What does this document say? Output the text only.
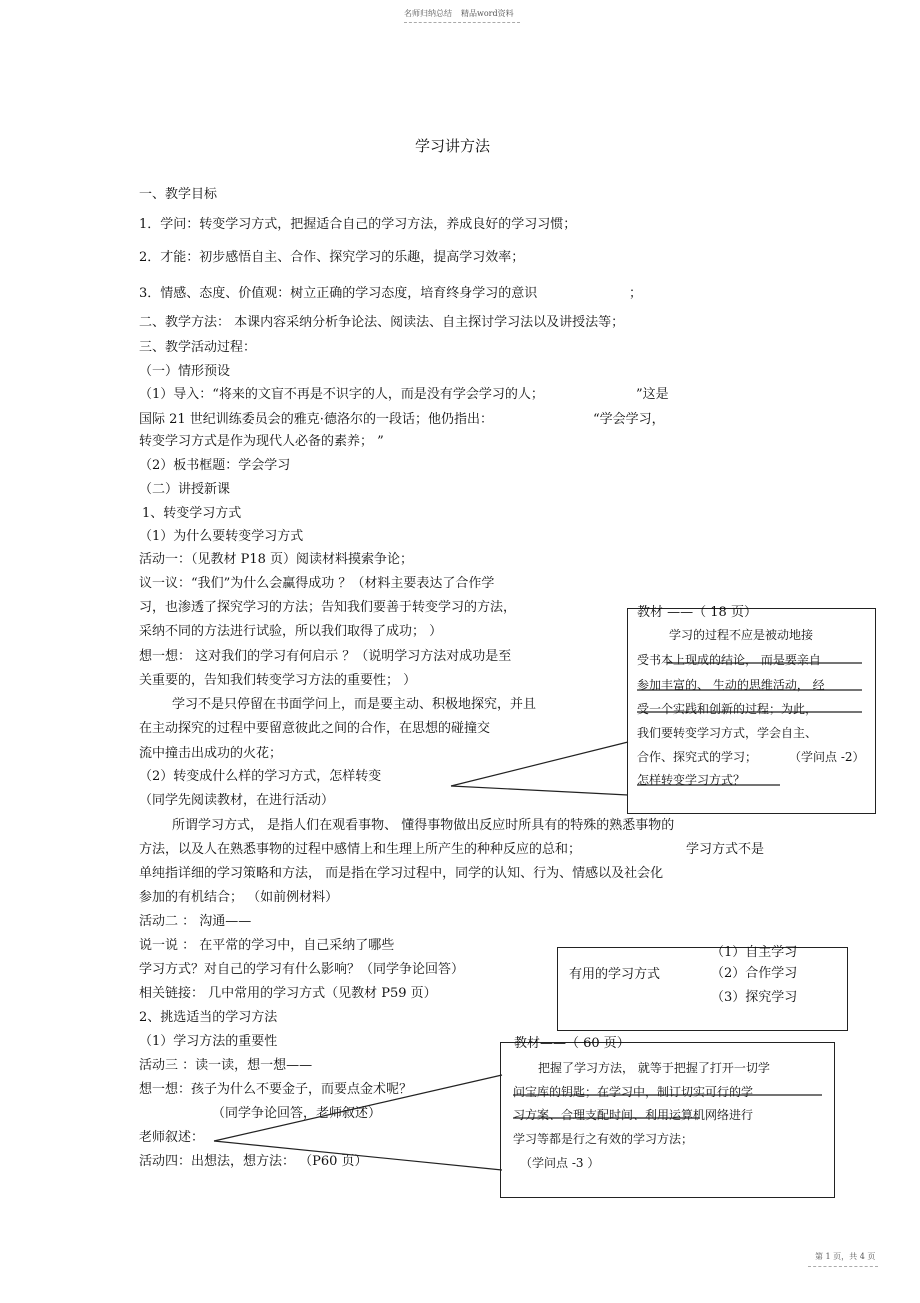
名师归纳总结 精品word资料
学习讲方法
一、教学目标
1．学问：转变学习方式，把握适合自己的学习方法，养成良好的学习习惯；
2．才能：初步感悟自主、合作、探究学习的乐趣，提高学习效率；
3．情感、态度、价值观：树立正确的学习态度，培育终身学习的意识	；
二、教学方法： 本课内容采纳分析争论法、阅读法、自主探讨学习法以及讲授法等；
三、教学活动过程：
（一）情形预设
（1）导入：“将来的文盲不再是不识字的人，而是没有学会学习的人；	”这是
国际 21 世纪训练委员会的雅克·德洛尔的一段话；他仍指出：	“学会学习，
转变学习方式是作为现代人必备的素养； ”
（2）板书框题：学会学习
（二）讲授新课
1、转变学习方式
（1）为什么要转变学习方式
活动一：（见教材 P18 页）阅读材料摸索争论；
议一议：“我们”为什么会赢得成功 ？（材料主要表达了合作学
习，也渗透了探究学习的方法；告知我们要善于转变学习的方法，
采纳不同的方法进行试验，所以我们取得了成功； ）
想一想： 这对我们的学习有何启示 ？（说明学习方法对成功是至
关重要的，告知我们转变学习方法的重要性； ）
学习不是只停留在书面学问上，而是要主动、积极地探究，并且
在主动探究的过程中要留意彼此之间的合作，在思想的碰撞交
流中撞击出成功的火花；
（2）转变成什么样的学习方式，怎样转变
（同学先阅读教材，在进行活动）
所谓学习方式， 是指人们在观看事物、 懂得事物做出反应时所具有的特殊的熟悉事物的
方法，以及人在熟悉事物的过程中感情上和生理上所产生的种种反应的总和；	学习方式不是
单纯指详细的学习策略和方法， 而是指在学习过程中，同学的认知、行为、情感以及社会化
参加的有机结合； （如前例材料）
活动二 ： 沟通——
说一说 ： 在平常的学习中，自己采纳了哪些
学习方式？对自己的学习有什么影响？（同学争论回答）
相关链接： 几中常用的学习方式（见教材 P59 页）
2、挑选适当的学习方法
（1）学习方法的重要性
活动三 ：读一读，想一想——
想一想：孩子为什么不要金子，而要点金术呢？
（同学争论回答，老师叙述）
老师叙述：
活动四：出想法，想方法： （P60 页）
教材 ——（ 18 页）
学习的过程不应是被动地接
受书本上现成的结论， 而是要亲自
参加丰富的、 生动的思维活动， 经
受一个实践和创新的过程；为此，
我们要转变学习方式，学会自主、
合作、探究式的学习；	（学问点 -2）
怎样转变学习方式？
有用的学习方式
（1）自主学习
（2）合作学习
（3）探究学习
教材——（ 60 页）
把握了学习方法， 就等于把握了打开一切学
问宝库的钥匙；在学习中，制订切实可行的学
习方案、合理支配时间、利用运算机网络进行
学习等都是行之有效的学习方法；
（学问点 -3 ）
第 1 页，共 4 页
